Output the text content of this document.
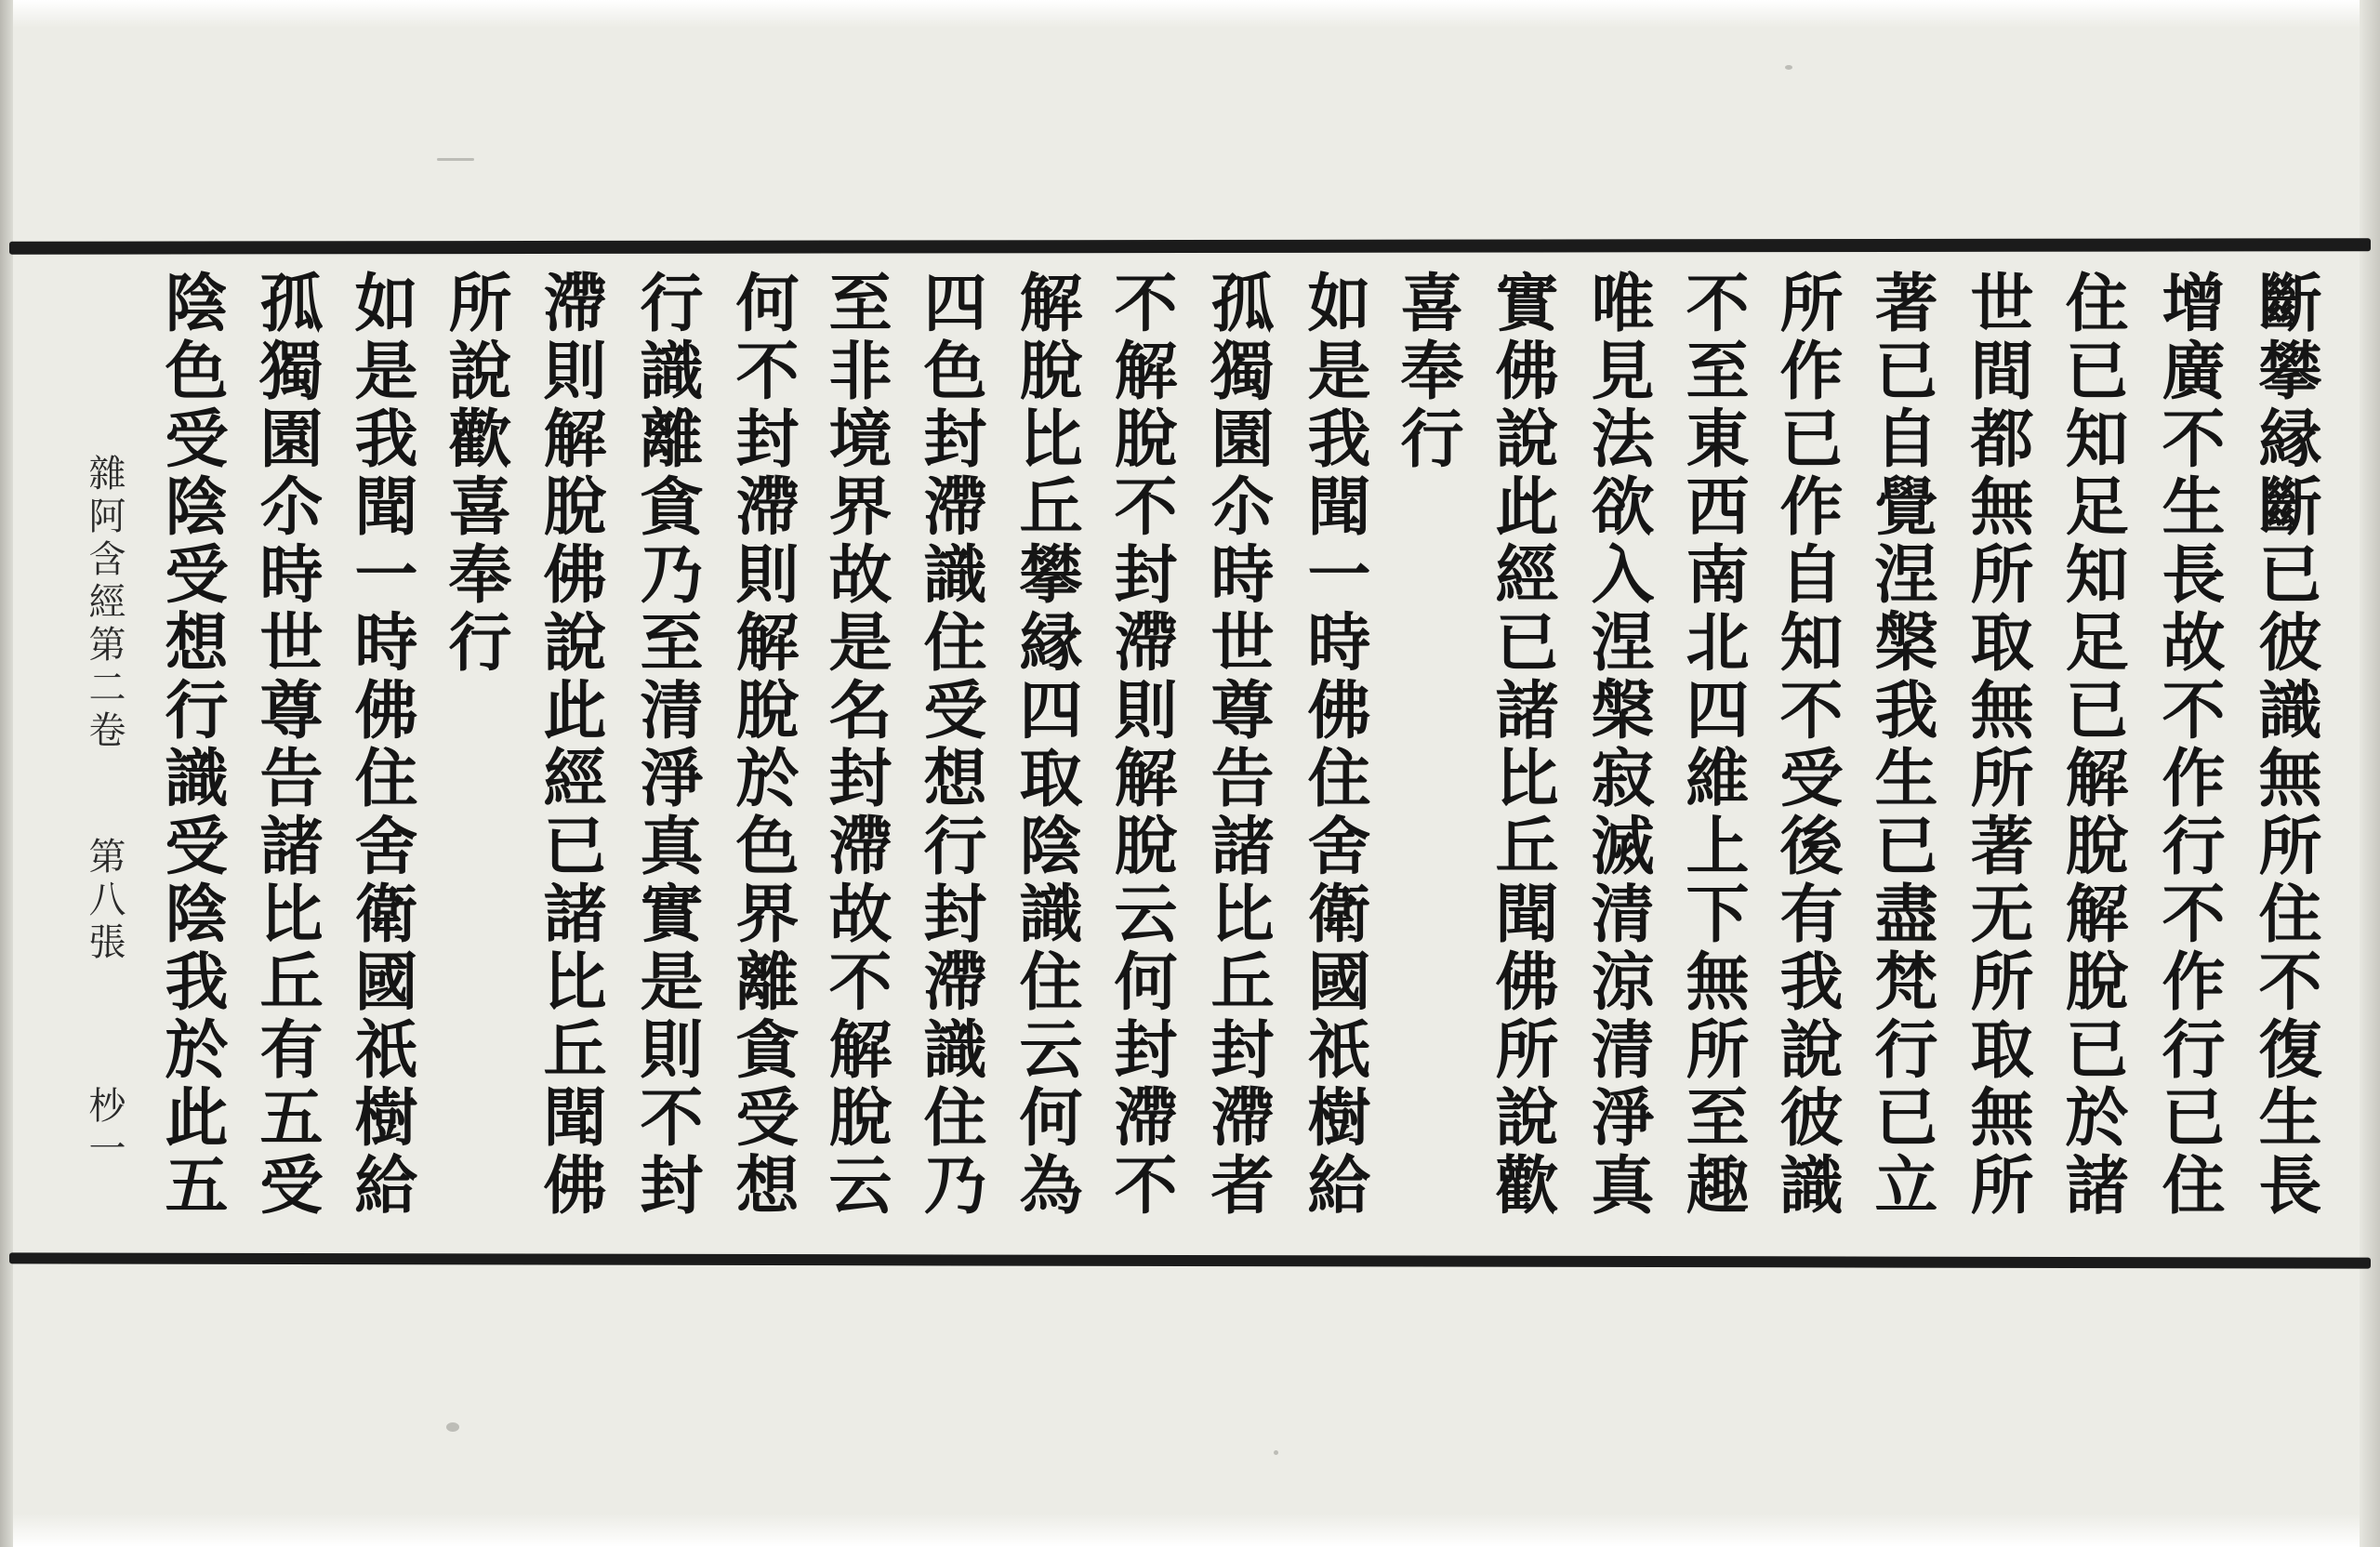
斷攀縁斷已彼識無所住不復生長
增廣不生長故不作行不作行已住
住已知足知足已解脫解脫已於諸
世間都無所取無所著无所取無所
著已自覺涅槃我生已盡梵行已立
所作已作自知不受後有我說彼識
不至東西南北四維上下無所至趣
唯見法欲入涅槃寂滅清涼清淨真
實佛說此經已諸比丘聞佛所說歡
喜奉行
如是我聞一時佛住舍衛國祇樹給
孤獨園尒時世尊告諸比丘封滯者
不解脫不封滯則解脫云何封滯不
解脫比丘攀縁四取陰識住云何為
四色封滯識住受想行封滯識住乃
至非境界故是名封滯故不解脫云
何不封滯則解脫於色界離貪受想
行識離貪乃至清淨真實是則不封
滯則解脫佛說此經已諸比丘聞佛
所說歡喜奉行
如是我聞一時佛住舍衛國祇樹給
孤獨園尒時世尊告諸比丘有五受
陰色受陰受想行識受陰我於此五
雜阿含經第二卷
第八張
杪一
